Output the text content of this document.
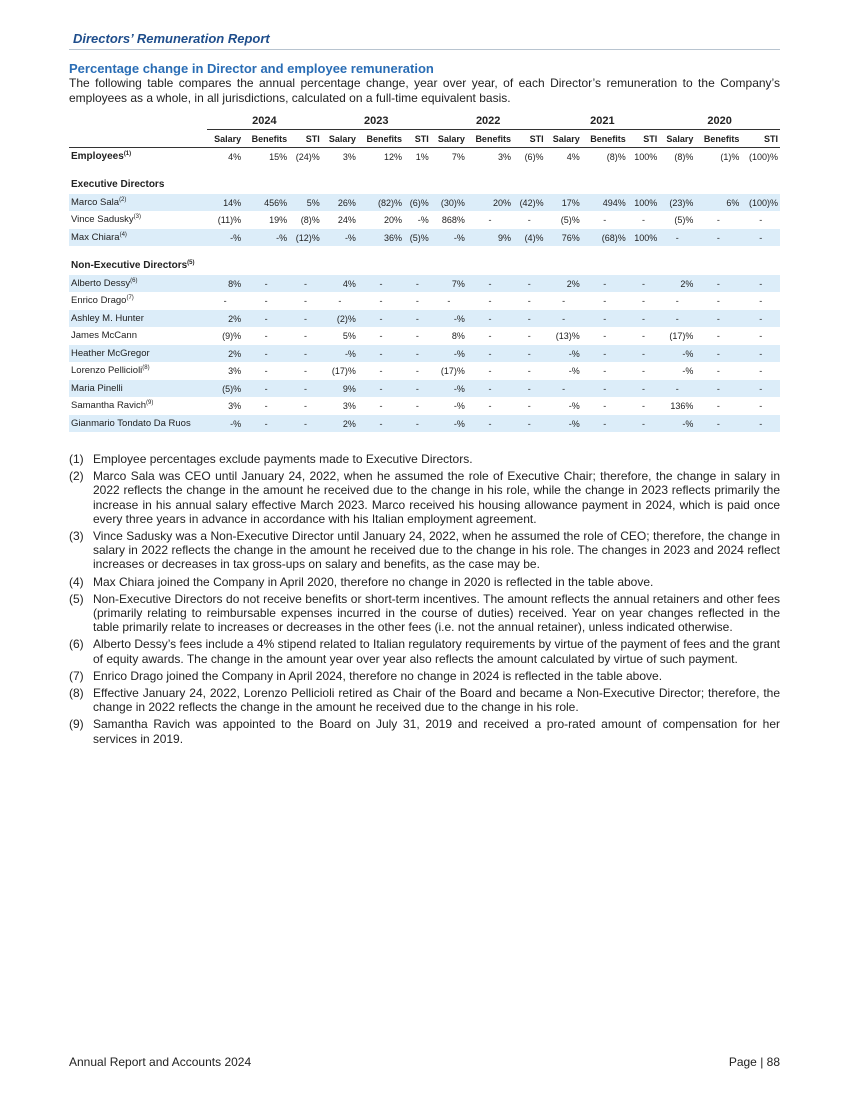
Directors’ Remuneration Report
Percentage change in Director and employee remuneration
The following table compares the annual percentage change, year over year, of each Director’s remuneration to the Company’s employees as a whole, in all jurisdictions, calculated on a full-time equivalent basis.
	2024			2023			2022			2021			2020		
	Salary	Benefits	STI	Salary	Benefits	STI	Salary	Benefits	STI	Salary	Benefits	STI	Salary	Benefits	STI
Employees$^{(1)}$	4%	15%	(24)%	3%	12%	1%	7%	3%	(6)%	4%	(8)%	100%	(8)%	(1)%	(100)%

Executive Directors															
Marco Sala$^{(2)}$	14%	456%	5%	26%	(82)%	(6)%	(30)%	20%	(42)%	17%	494%	100%	(23)%	6%	(100)%
Vince Sadusky$^{(3)}$	(11)%	19%	(8)%	24%	20%	-%	868%	-	-	(5)%	-	-	(5)%	-	-
Max Chiara$^{(4)}$	-%	-%	(12)%	-%	36%	(5)%	-%	9%	(4)%	76%	(68)%	100%	-	-	-

Non-Executive Directors$^{(5)}$
Alberto Dessy$^{(6)}$	8%	-	-	4%	-	-	7%	-	-	2%	-	-	2%	-	-
Enrico Drago$^{(7)}$	-	-	-	-	-	-	-	-	-	-	-	-	-	-	-
Ashley M. Hunter	2%	-	-	(2)%	-	-	-%	-	-	-	-	-	-	-	-
James McCann	(9)%	-	-	5%	-	-	8%	-	-	(13)%	-	-	(17)%	-	-
Heather McGregor	2%	-	-	-%	-	-	-%	-	-	-%	-	-	-%	-	-
Lorenzo Pellicioli$^{(8)}$	3%	-	-	(17)%	-	-	(17)%	-	-	-%	-	-	-%	-	-
Maria Pinelli	(5)%	-	-	9%	-	-	-%	-	-	-	-	-	-	-	-
Samantha Ravich$^{(9)}$	3%	-	-	3%	-	-	-%	-	-	-%	-	-	136%	-	-
Gianmario Tondato Da Ruos	-%	-	-	2%	-	-	-%	-	-	-%	-	-	-%	-	-
(1) Employee percentages exclude payments made to Executive Directors.
(2) Marco Sala was CEO until January 24, 2022, when he assumed the role of Executive Chair; therefore, the change in salary in 2022 reflects the change in the amount he received due to the change in his role, while the change in 2023 reflects primarily the increase in his annual salary effective March 2023. Marco received his housing allowance payment in 2024, which is paid once every three years in advance in accordance with his Italian employment agreement.
(3) Vince Sadusky was a Non-Executive Director until January 24, 2022, when he assumed the role of CEO; therefore, the change in salary in 2022 reflects the change in the amount he received due to the change in his role. The changes in 2023 and 2024 reflect increases or decreases in tax gross-ups on salary and benefits, as the case may be.
(4) Max Chiara joined the Company in April 2020, therefore no change in 2020 is reflected in the table above.
(5) Non-Executive Directors do not receive benefits or short-term incentives. The amount reflects the annual retainers and other fees (primarily relating to reimbursable expenses incurred in the course of duties) received. Year on year changes reflected in the table primarily relate to increases or decreases in the other fees (i.e. not the annual retainer), unless indicated otherwise.
(6) Alberto Dessy’s fees include a 4% stipend related to Italian regulatory requirements by virtue of the payment of fees and the grant of equity awards. The change in the amount year over year also reflects the amount calculated by virtue of such payment.
(7) Enrico Drago joined the Company in April 2024, therefore no change in 2024 is reflected in the table above.
(8) Effective January 24, 2022, Lorenzo Pellicioli retired as Chair of the Board and became a Non-Executive Director; therefore, the change in 2022 reflects the change in the amount he received due to the change in his role.
(9) Samantha Ravich was appointed to the Board on July 31, 2019 and received a pro-rated amount of compensation for her services in 2019.
Annual Report and Accounts 2024	Page | 88
